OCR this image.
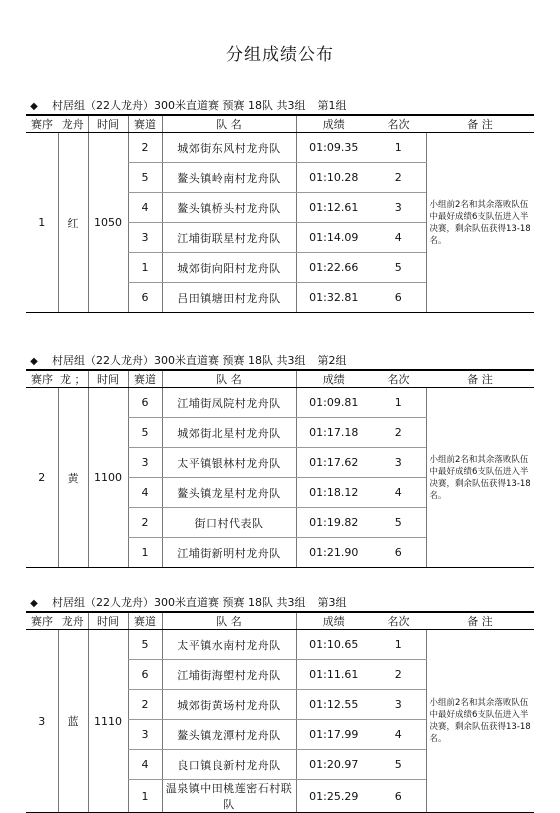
分组成绩公布
◆ 村居组（22人龙舟）300米直道赛 预赛 18队 共3组 第1组
赛序	龙舟	时间	赛道	队 名	成绩	名次	备 注
1	红	1050	2	城郊街东风村龙舟队	01:09.35	1	小组前2名和其余落败队伍中最好成绩6支队伍进入半决赛，剩余队伍获得13-18名。
			5	鳌头镇岭南村龙舟队	01:10.28	2	
			4	鳌头镇桥头村龙舟队	01:12.61	3	
			3	江埔街联星村龙舟队	01:14.09	4	
			1	城郊街向阳村龙舟队	01:22.66	5	
			6	吕田镇塘田村龙舟队	01:32.81	6	
◆ 村居组（22人龙舟）300米直道赛 预赛 18队 共3组 第2组
赛序	龙 ；	时间	赛道	队 名	成绩	名次	备 注
2	黄	1100	6	江埔街凤院村龙舟队	01:09.81	1	小组前2名和其余落败队伍中最好成绩6支队伍进入半决赛，剩余队伍获得13-18名。
			5	城郊街北星村龙舟队	01:17.18	2	
			3	太平镇银林村龙舟队	01:17.62	3	
			4	鳌头镇龙星村龙舟队	01:18.12	4	
			2	街口村代表队	01:19.82	5	
			1	江埔街新明村龙舟队	01:21.90	6	
◆ 村居组（22人龙舟）300米直道赛 预赛 18队 共3组 第3组
赛序	龙舟	时间	赛道	队 名	成绩	名次	备 注
3	蓝	1110	5	太平镇水南村龙舟队	01:10.65	1	小组前2名和其余落败队伍中最好成绩6支队伍进入半决赛，剩余队伍获得13-18名。
			6	江埔街海塱村龙舟队	01:11.61	2	
			2	城郊街黄场村龙舟队	01:12.55	3	
			3	鳌头镇龙潭村龙舟队	01:17.99	4	
			4	良口镇良新村龙舟队	01:20.97	5	
			1	温泉镇中田桃莲密石村联队	01:25.29	6	
